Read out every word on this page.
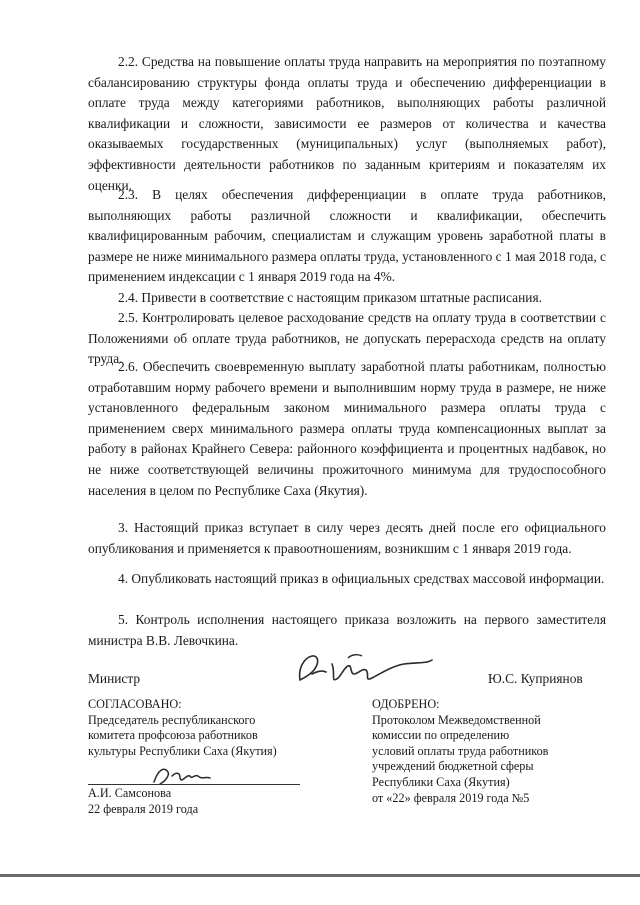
2.2. Средства на повышение оплаты труда направить на мероприятия по поэтапному сбалансированию структуры фонда оплаты труда и обеспечению дифференциации в оплате труда между категориями работников, выполняющих работы различной квалификации и сложности, зависимости ее размеров от количества и качества оказываемых государственных (муниципальных) услуг (выполняемых работ), эффективности деятельности работников по заданным критериям и показателям их оценки.

2.3. В целях обеспечения дифференциации в оплате труда работников, выполняющих работы различной сложности и квалификации, обеспечить квалифицированным рабочим, специалистам и служащим уровень заработной платы в размере не ниже минимального размера оплаты труда, установленного с 1 мая 2018 года, с применением индексации с 1 января 2019 года на 4%.

2.4. Привести в соответствие с настоящим приказом штатные расписания.

2.5. Контролировать целевое расходование средств на оплату труда в соответствии с Положениями об оплате труда работников, не допускать перерасхода средств на оплату труда.

2.6. Обеспечить своевременную выплату заработной платы работникам, полностью отработавшим норму рабочего времени и выполнившим норму труда в размере, не ниже установленного федеральным законом минимального размера оплаты труда с применением сверх минимального размера оплаты труда компенсационных выплат за работу в районах Крайнего Севера: районного коэффициента и процентных надбавок, но не ниже соответствующей величины прожиточного минимума для трудоспособного населения в целом по Республике Саха (Якутия).

3. Настоящий приказ вступает в силу через десять дней после его официального опубликования и применяется к правоотношениям, возникшим с 1 января 2019 года.

4. Опубликовать настоящий приказ в официальных средствах массовой информации.

5. Контроль исполнения настоящего приказа возложить на первого заместителя министра В.В. Левочкина.

Министр	Ю.С. Куприянов
СОГЛАСОВАНО:
Председатель республиканского
комитета профсоюза работников
культуры Республики Саха (Якутия)
А.И. Самсонова
22 февраля 2019 года
ОДОБРЕНО:
Протоколом Межведомственной
комиссии по определению
условий оплаты труда работников
учреждений бюджетной сферы
Республики Саха (Якутия)
от «22» февраля 2019 года №5
